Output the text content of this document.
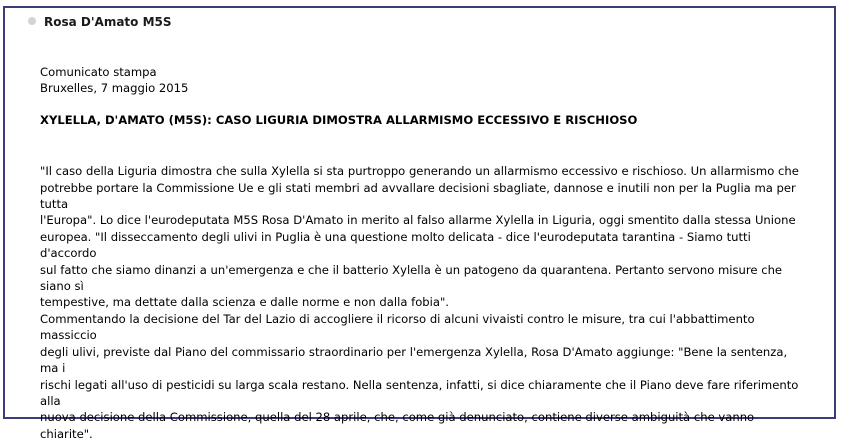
Rosa D'Amato M5S
Comunicato stampa
Bruxelles, 7 maggio 2015
XYLELLA, D'AMATO (M5S): CASO LIGURIA DIMOSTRA ALLARMISMO ECCESSIVO E RISCHIOSO
"Il caso della Liguria dimostra che sulla Xylella si sta purtroppo generando un allarmismo eccessivo e rischioso. Un allarmismo che
potrebbe portare la Commissione Ue e gli stati membri ad avvallare decisioni sbagliate, dannose e inutili non per la Puglia ma per tutta
l'Europa". Lo dice l'eurodeputata M5S Rosa D'Amato in merito al falso allarme Xylella in Liguria, oggi smentito dalla stessa Unione
europea. "Il disseccamento degli ulivi in Puglia è una questione molto delicata - dice l'eurodeputata tarantina - Siamo tutti d'accordo
sul fatto che siamo dinanzi a un'emergenza e che il batterio Xylella è un patogeno da quarantena. Pertanto servono misure che siano sì
tempestive, ma dettate dalla scienza e dalle norme e non dalla fobia".
Commentando la decisione del Tar del Lazio di accogliere il ricorso di alcuni vivaisti contro le misure, tra cui l'abbattimento massiccio
degli ulivi, previste dal Piano del commissario straordinario per l'emergenza Xylella, Rosa D'Amato aggiunge: "Bene la sentenza, ma i
rischi legati all'uso di pesticidi su larga scala restano. Nella sentenza, infatti, si dice chiaramente che il Piano deve fare riferimento alla
nuova decisione della Commissione, quella del 28 aprile, che, come già denunciato, contiene diverse ambiguità che vanno chiarite".
